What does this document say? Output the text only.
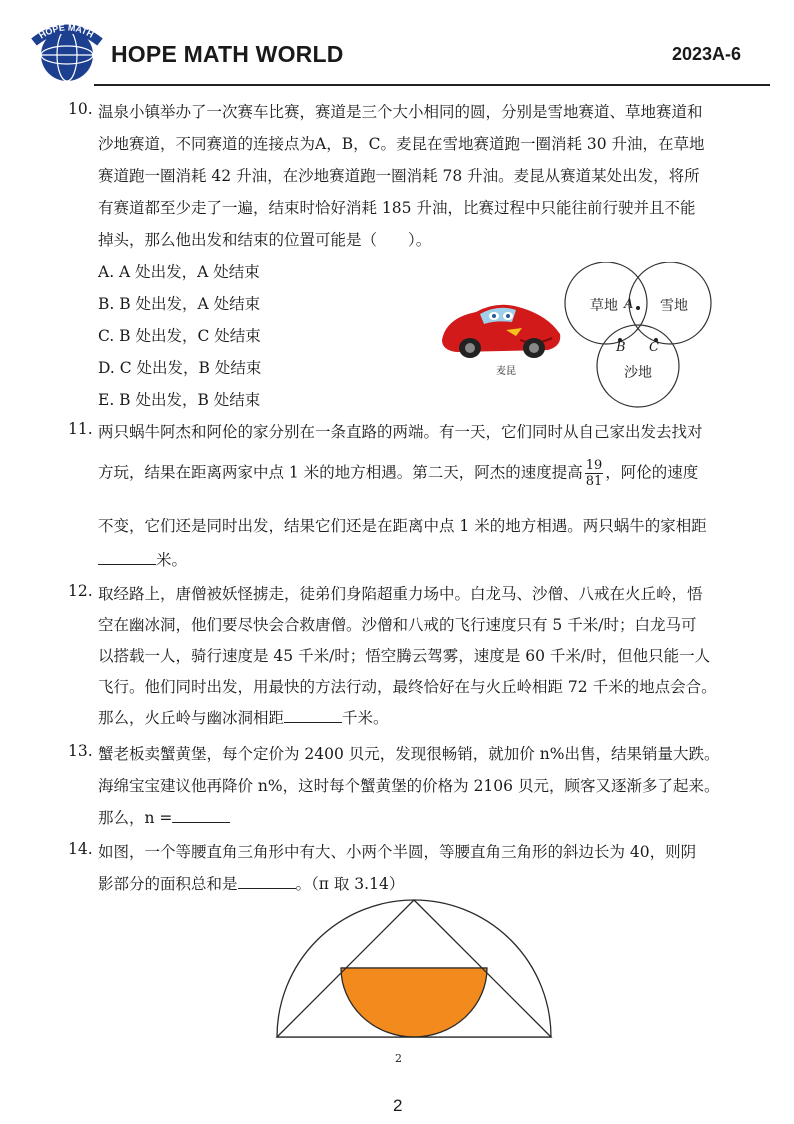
HOPE MATH
HOPE MATH WORLD	2023A-6
10. 温泉小镇举办了一次赛车比赛，赛道是三个大小相同的圆，分别是雪地赛道、草地赛道和
沙地赛道，不同赛道的连接点为A，B，C。麦昆在雪地赛道跑一圈消耗 30 升油，在草地
赛道跑一圈消耗 42 升油，在沙地赛道跑一圈消耗 78 升油。麦昆从赛道某处出发，将所
有赛道都至少走了一遍，结束时恰好消耗 185 升油，比赛过程中只能往前行驶并且不能
掉头，那么他出发和结束的位置可能是（　　）。
A. A 处出发，A 处结束
B. B 处出发，A 处结束
C. B 处出发，C 处结束
D. C 处出发，B 处结束
E. B 处出发，B 处结束
麦昆
草地 A 雪地
B C
沙地
11. 两只蜗牛阿杰和阿伦的家分别在一条直路的两端。有一天，它们同时从自己家出发去找对
方玩，结果在距离两家中点 1 米的地方相遇。第二天，阿杰的速度提高 $\frac{19}{81}$ ，阿伦的速度
不变，它们还是同时出发，结果它们还是在距离中点 1 米的地方相遇。两只蜗牛的家相距
米。
12. 取经路上，唐僧被妖怪掳走，徒弟们身陷超重力场中。白龙马、沙僧、八戒在火丘岭，悟
空在幽冰洞，他们要尽快会合救唐僧。沙僧和八戒的飞行速度只有 5 千米/时；白龙马可
以搭载一人，骑行速度是 45 千米/时；悟空腾云驾雾，速度是 60 千米/时，但他只能一人
飞行。他们同时出发，用最快的方法行动，最终恰好在与火丘岭相距 72 千米的地点会合。
那么，火丘岭与幽冰洞相距	千米。
13. 蟹老板卖蟹黄堡，每个定价为 2400 贝元，发现很畅销，就加价 n%出售，结果销量大跌。
海绵宝宝建议他再降价 n%，这时每个蟹黄堡的价格为 2106 贝元，顾客又逐渐多了起来。
那么，n =
14. 如图，一个等腰直角三角形中有大、小两个半圆，等腰直角三角形的斜边长为 40，则阴
影部分的面积总和是	。（π 取 3.14）
2
2
